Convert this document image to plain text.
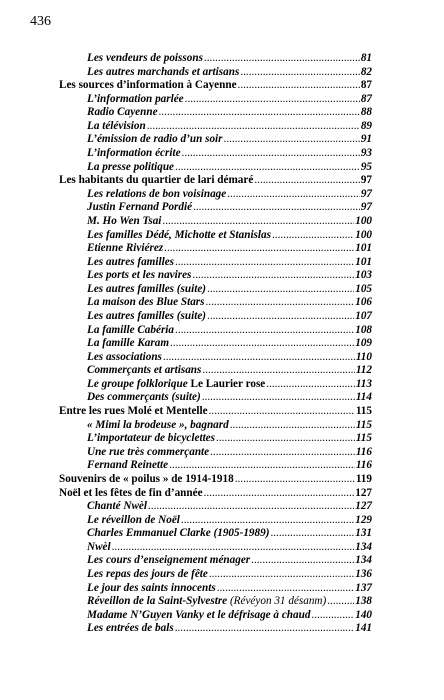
436
Les vendeurs de poissons .....	81
Les autres marchands et artisans .....	82
Les sources d’information à Cayenne .....	87
L’information parlée .....	87
Radio Cayenne .....	88
La télévision .....	89
L’émission de radio d’un soir .....	91
L’information écrite .....	93
La presse politique .....	95
Les habitants du quartier de lari démaré .....	97
Les relations de bon voisinage .....	97
Justin Fernand Pordié .....	97
M. Ho Wen Tsai .....	100
Les familles Dédé, Michotte et Stanislas .....	100
Etienne Riviérez .....	101
Les autres familles .....	101
Les ports et les navires .....	103
Les autres familles (suite) .....	105
La maison des Blue Stars .....	106
Les autres familles (suite) .....	107
La famille Cabéria .....	108
La famille Karam .....	109
Les associations .....	110
Commerçants et artisans .....	112
Le groupe folklorique Le Laurier rose .....	113
Des commerçants (suite) .....	114
Entre les rues Molé et Mentelle .....	115
« Mimi la brodeuse », bagnard .....	115
L’importateur de bicyclettes .....	115
Une rue très commerçante .....	116
Fernand Reinette .....	116
Souvenirs de « poilus » de 1914-1918 .....	119
Noël et les fêtes de fin d’année .....	127
Chanté Nwèl .....	127
Le réveillon de Noël .....	129
Charles Emmanuel Clarke (1905-1989) .....	131
Nwèl .....	134
Les cours d’enseignement ménager .....	134
Les repas des jours de fête .....	136
Le jour des saints innocents .....	137
Réveillon de la Saint-Sylvestre (Révéyon 31 désanm) .....	138
Madame N’Guyen Vanky et le défrisage à chaud .....	140
Les entrées de bals .....	141
